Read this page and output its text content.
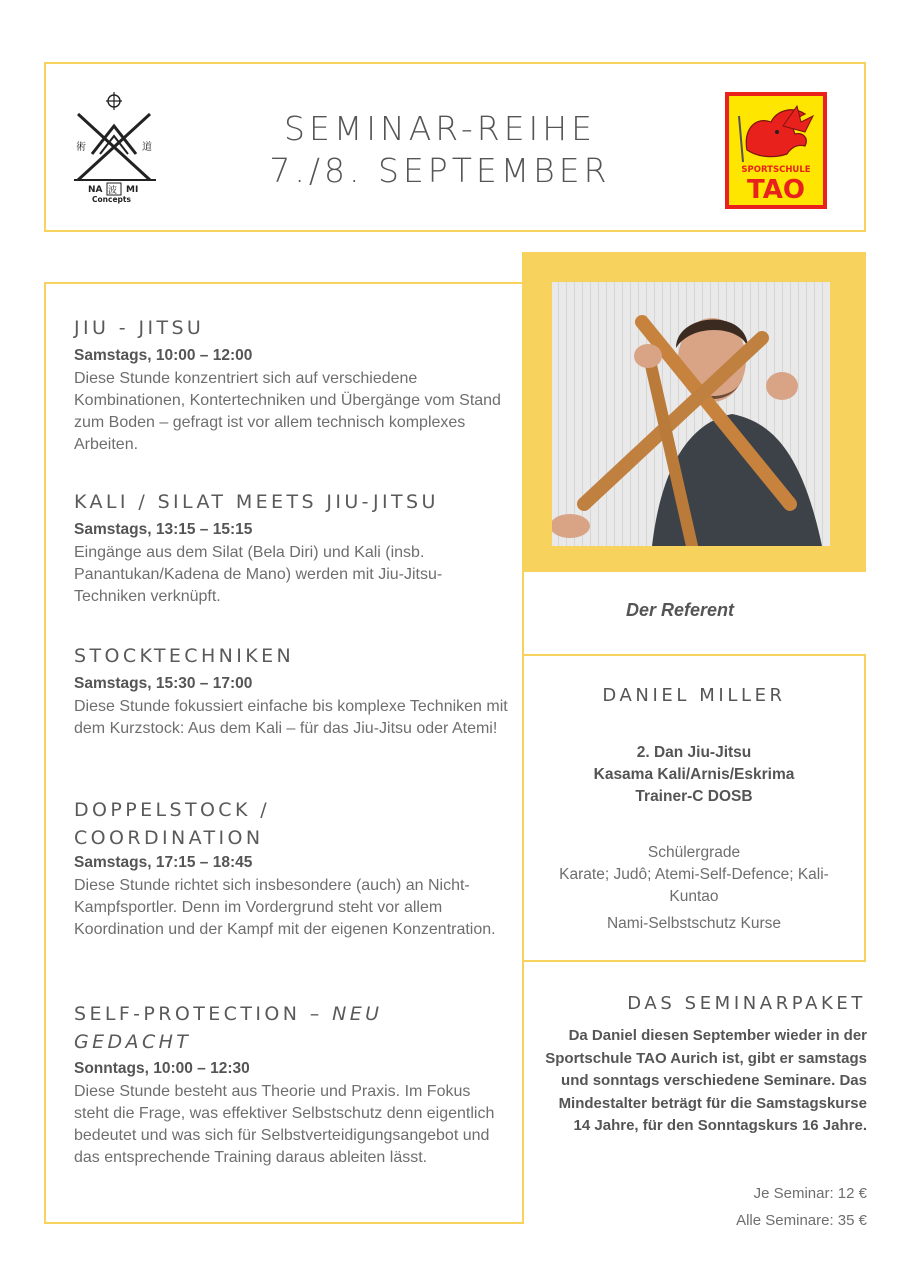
術	道
NA 波 MI
Concepts
SEMINAR-REIHE
7./8. SEPTEMBER	SPORTSCHULE
TAO
JIU - JITSU
Samstags, 10:00 – 12:00

Diese Stunde konzentriert sich auf verschiedene Kombinationen, Kontertechniken und Übergänge vom Stand zum Boden – gefragt ist vor allem technisch komplexes Arbeiten.

KALI / SILAT MEETS JIU-JITSU
Samstags, 13:15 – 15:15

Eingänge aus dem Silat (Bela Diri) und Kali (insb. Panantukan/Kadena de Mano) werden mit Jiu-Jitsu-Techniken verknüpft.

STOCKTECHNIKEN
Samstags, 15:30 – 17:00

Diese Stunde fokussiert einfache bis komplexe Techniken mit dem Kurzstock: Aus dem Kali – für das Jiu-Jitsu oder Atemi!

DOPPELSTOCK / COORDINATION
Samstags, 17:15 – 18:45

Diese Stunde richtet sich insbesondere (auch) an Nicht-Kampfsportler. Denn im Vordergrund steht vor allem Koordination und der Kampf mit der eigenen Konzentration.

SELF-PROTECTION – NEU GEDACHT
Sonntags, 10:00 – 12:30

Diese Stunde besteht aus Theorie und Praxis. Im Fokus steht die Frage, was effektiver Selbstschutz denn eigentlich bedeutet und was sich für Selbstverteidigungsangebot und das entsprechende Training daraus ableiten lässt.

Der Referent
DANIEL MILLER
2. Dan Jiu-Jitsu
Kasama Kali/Arnis/Eskrima
Trainer-C DOSB
Schülergrade
Karate; Judô; Atemi-Self-Defence; Kali-Kuntao
Nami-Selbstschutz Kurse
DAS SEMINARPAKET
Da Daniel diesen September wieder in der Sportschule TAO Aurich ist, gibt er samstags und sonntags verschiedene Seminare. Das Mindestalter beträgt für die Samstagskurse 14 Jahre, für den Sonntagskurs 16 Jahre.
Je Seminar: 12 €
Alle Seminare: 35 €
